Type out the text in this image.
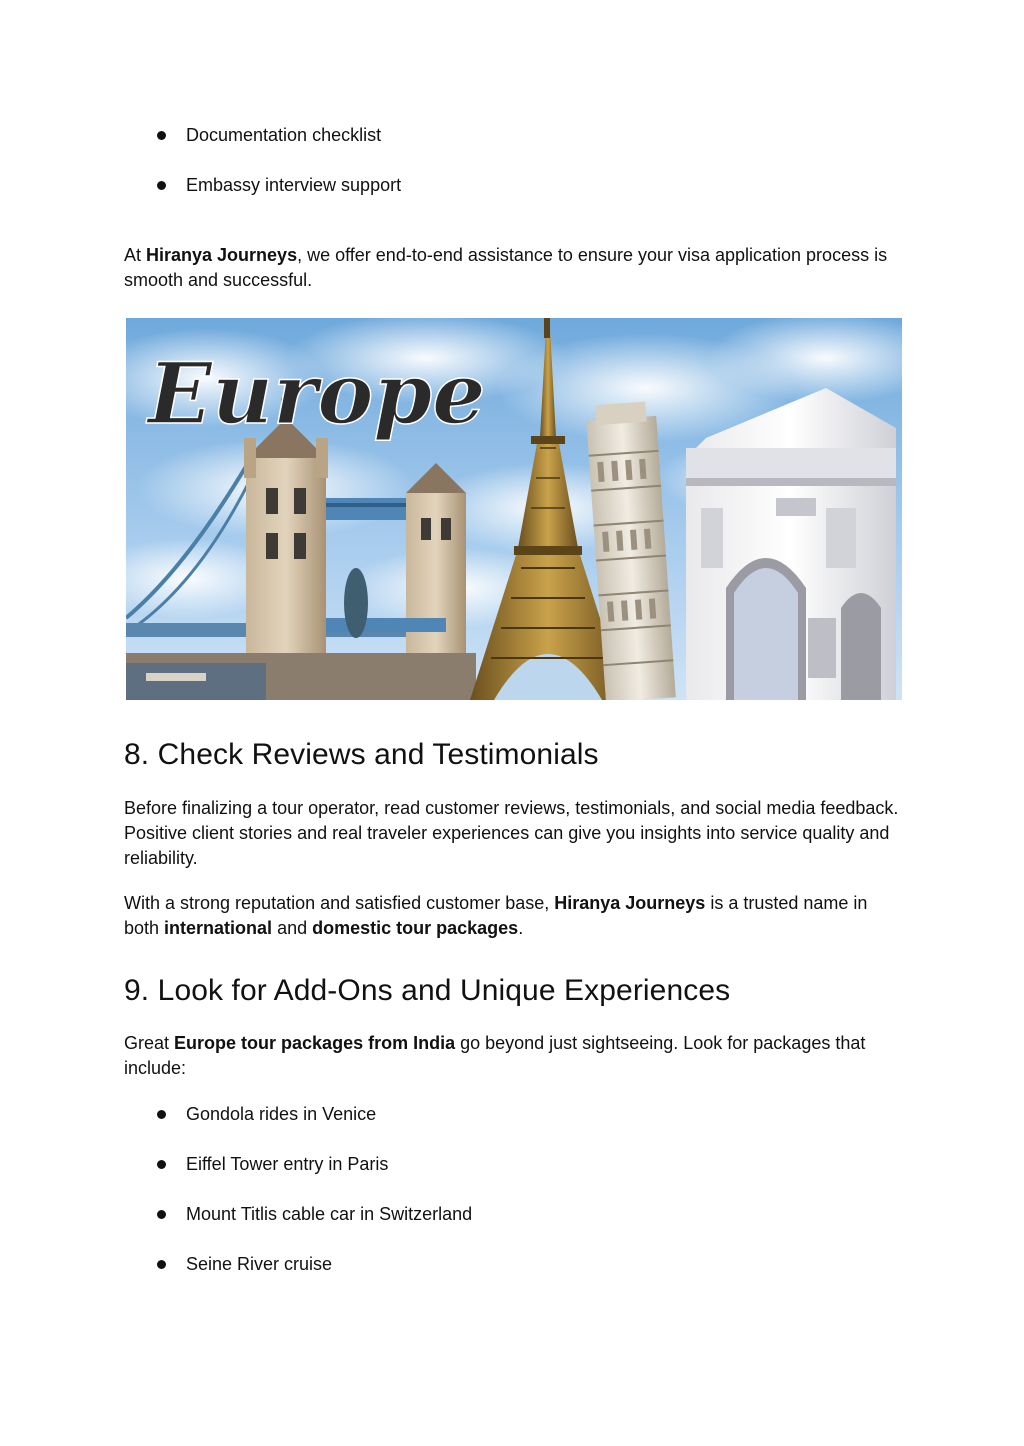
Documentation checklist
Embassy interview support

At Hiranya Journeys, we offer end-to-end assistance to ensure your visa application process is smooth and successful.

Europe
8. Check Reviews and Testimonials

Before finalizing a tour operator, read customer reviews, testimonials, and social media feedback. Positive client stories and real traveler experiences can give you insights into service quality and reliability.

With a strong reputation and satisfied customer base, Hiranya Journeys is a trusted name in both international and domestic tour packages.

9. Look for Add-Ons and Unique Experiences

Great Europe tour packages from India go beyond just sightseeing. Look for packages that include:

Gondola rides in Venice
Eiffel Tower entry in Paris
Mount Titlis cable car in Switzerland
Seine River cruise
